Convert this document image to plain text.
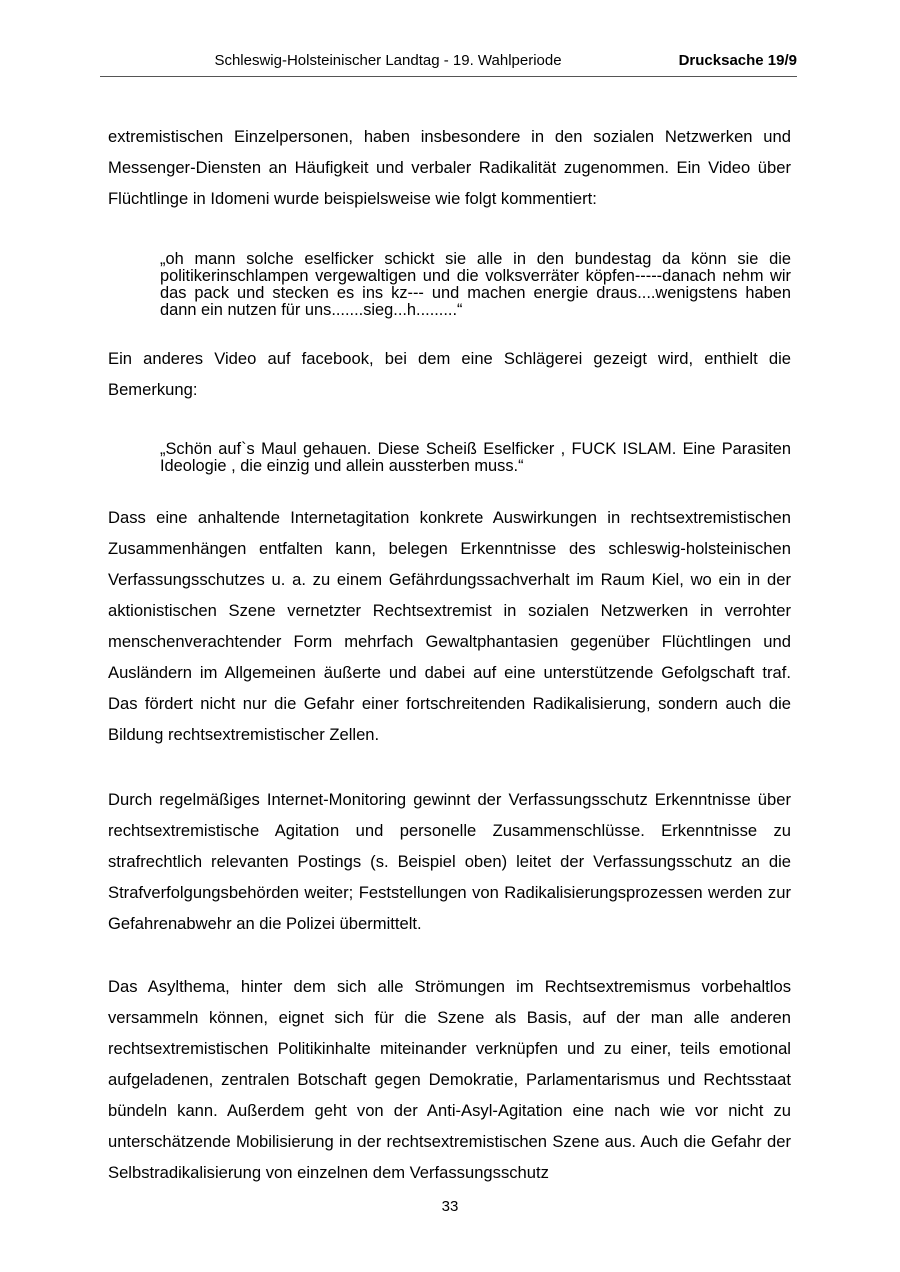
Schleswig-Holsteinischer Landtag - 19. Wahlperiode	Drucksache 19/9

extremistischen Einzelpersonen, haben insbesondere in den sozialen Netzwerken und Messenger-Diensten an Häufigkeit und verbaler Radikalität zugenommen. Ein Video über Flüchtlinge in Idomeni wurde beispielsweise wie folgt kommentiert:

„oh mann solche eselficker schickt sie alle in den bundestag da könn sie die politikerinschlampen vergewaltigen und die volksverräter köpfen-----danach nehm wir das pack und stecken es ins kz--- und machen energie draus....wenigstens haben dann ein nutzen für uns.......sieg...h.........“

Ein anderes Video auf facebook, bei dem eine Schlägerei gezeigt wird, enthielt die Bemerkung:

„Schön auf`s Maul gehauen. Diese Scheiß Eselficker , FUCK ISLAM. Eine Parasiten Ideologie , die einzig und allein aussterben muss.“

Dass eine anhaltende Internetagitation konkrete Auswirkungen in rechtsextremistischen Zusammenhängen entfalten kann, belegen Erkenntnisse des schleswig-holsteinischen Verfassungsschutzes u. a. zu einem Gefährdungssachverhalt im Raum Kiel, wo ein in der aktionistischen Szene vernetzter Rechtsextremist in sozialen Netzwerken in verrohter menschenverachtender Form mehrfach Gewaltphantasien gegenüber Flüchtlingen und Ausländern im Allgemeinen äußerte und dabei auf eine unterstützende Gefolgschaft traf. Das fördert nicht nur die Gefahr einer fortschreitenden Radikalisierung, sondern auch die Bildung rechtsextremistischer Zellen.

Durch regelmäßiges Internet-Monitoring gewinnt der Verfassungsschutz Erkenntnisse über rechtsextremistische Agitation und personelle Zusammenschlüsse. Erkenntnisse zu strafrechtlich relevanten Postings (s. Beispiel oben) leitet der Verfassungsschutz an die Strafverfolgungsbehörden weiter; Feststellungen von Radikalisierungsprozessen werden zur Gefahrenabwehr an die Polizei übermittelt.

Das Asylthema, hinter dem sich alle Strömungen im Rechtsextremismus vorbehaltlos versammeln können, eignet sich für die Szene als Basis, auf der man alle anderen rechtsextremistischen Politikinhalte miteinander verknüpfen und zu einer, teils emotional aufgeladenen, zentralen Botschaft gegen Demokratie, Parlamentarismus und Rechtsstaat bündeln kann. Außerdem geht von der Anti-Asyl-Agitation eine nach wie vor nicht zu unterschätzende Mobilisierung in der rechtsextremistischen Szene aus. Auch die Gefahr der Selbstradikalisierung von einzelnen dem Verfassungsschutz

33
